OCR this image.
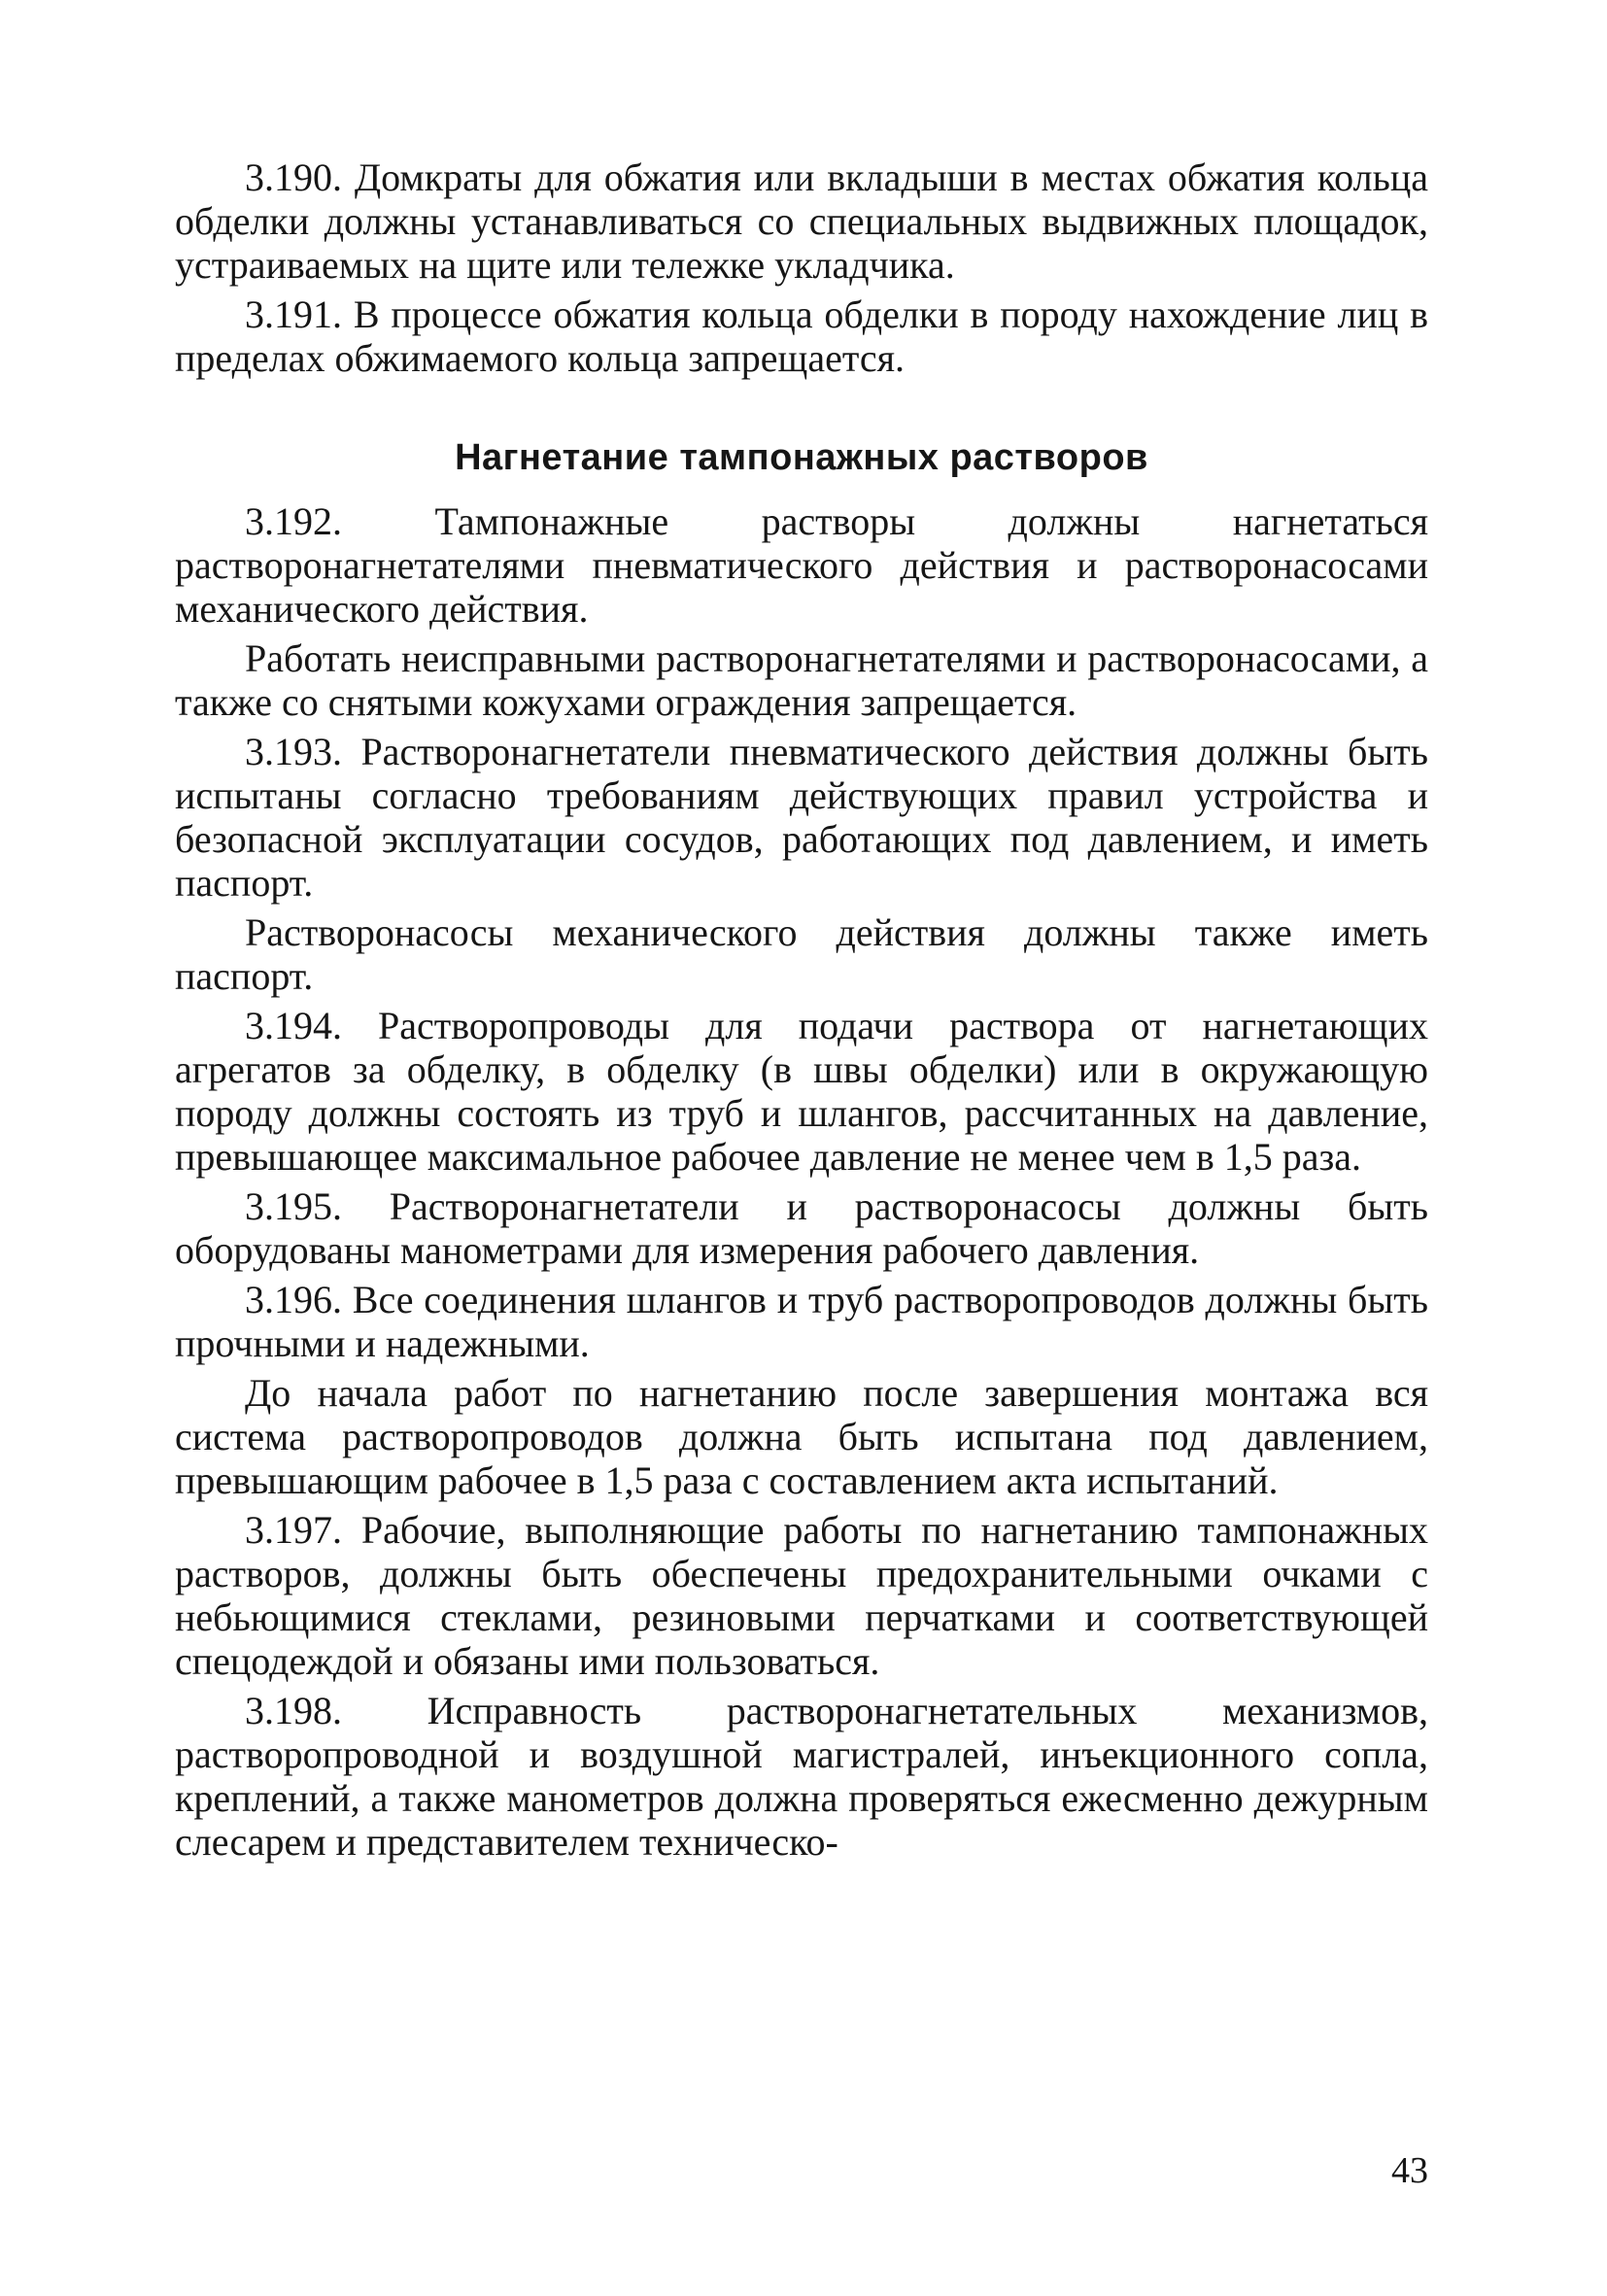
3.190. Домкраты для обжатия или вкладыши в местах обжатия кольца обделки должны устанавливаться со специальных выдвижных площадок, устраиваемых на щите или тележке укладчика.

3.191. В процессе обжатия кольца обделки в породу нахождение лиц в пределах обжимаемого кольца запрещается.

Нагнетание тампонажных растворов

3.192. Тампонажные растворы должны нагнетаться растворонагнетателями пневматического действия и растворонасосами механического действия.

Работать неисправными растворонагнетателями и растворонасосами, а также со снятыми кожухами ограждения запрещается.

3.193. Растворонагнетатели пневматического действия должны быть испытаны согласно требованиям действующих правил устройства и безопасной эксплуатации сосудов, работающих под давлением, и иметь паспорт.

Растворонасосы механического действия должны также иметь паспорт.

3.194. Растворопроводы для подачи раствора от нагнетающих агрегатов за обделку, в обделку (в швы обделки) или в окружающую породу должны состоять из труб и шлангов, рассчитанных на давление, превышающее максимальное рабочее давление не менее чем в 1,5 раза.

3.195. Растворонагнетатели и растворонасосы должны быть оборудованы манометрами для измерения рабочего давления.

3.196. Все соединения шлангов и труб растворопроводов должны быть прочными и надежными.

До начала работ по нагнетанию после завершения монтажа вся система растворопроводов должна быть испытана под давлением, превышающим рабочее в 1,5 раза с составлением акта испытаний.

3.197. Рабочие, выполняющие работы по нагнетанию тампонажных растворов, должны быть обеспечены предохранительными очками с небьющимися стеклами, резиновыми перчатками и соответствующей спецодеждой и обязаны ими пользоваться.

3.198. Исправность растворонагнетательных механизмов, растворопроводной и воздушной магистралей, инъекционного сопла, креплений, а также манометров должна проверяться ежесменно дежурным слесарем и представителем техническо-

43
